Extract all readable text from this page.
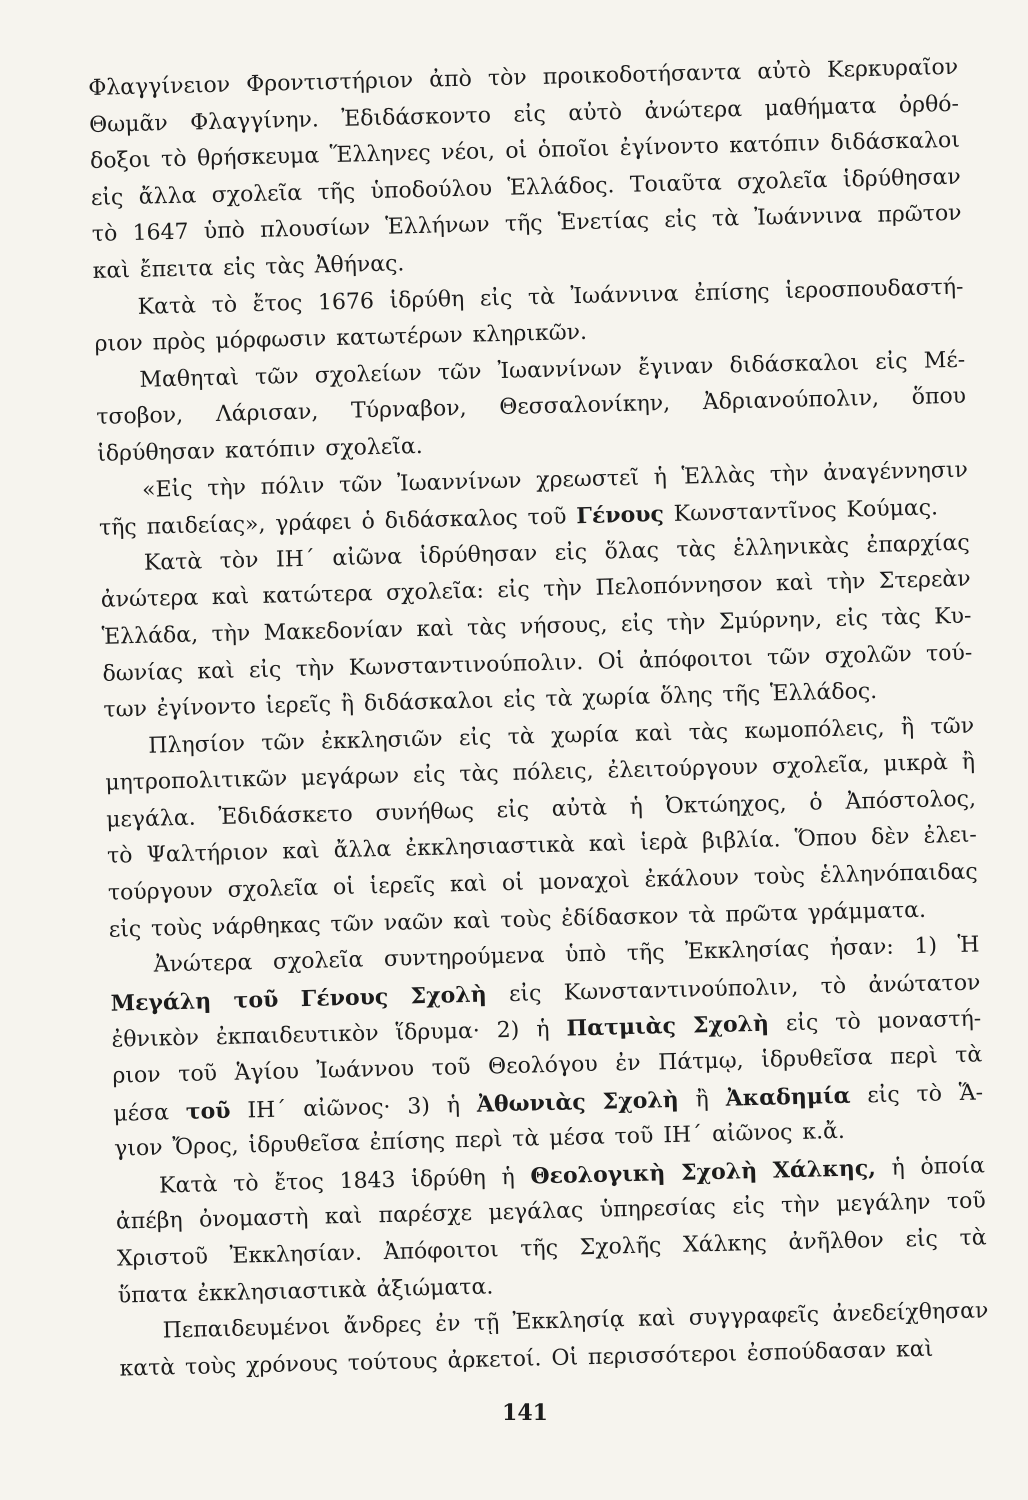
Φλαγγίνειον Φροντιστήριον ἀπὸ τὸν προικοδοτήσαντα αὐτὸ Κερκυραῖον
Θωμᾶν Φλαγγίνην. Ἐδιδάσκοντο εἰς αὐτὸ ἀνώτερα μαθήματα ὀρθό-
δοξοι τὸ θρήσκευμα Ἕλληνες νέοι, οἱ ὁποῖοι ἐγίνοντο κατόπιν διδάσκαλοι
εἰς ἄλλα σχολεῖα τῆς ὑποδούλου Ἑλλάδος. Τοιαῦτα σχολεῖα ἱδρύθησαν
τὸ 1647 ὑπὸ πλουσίων Ἑλλήνων τῆς Ἑνετίας εἰς τὰ Ἰωάννινα πρῶτον
καὶ ἔπειτα εἰς τὰς Ἀθήνας.
Κατὰ τὸ ἔτος 1676 ἱδρύθη εἰς τὰ Ἰωάννινα ἐπίσης ἱεροσπουδαστή-
ριον πρὸς μόρφωσιν κατωτέρων κληρικῶν.
Μαθηταὶ τῶν σχολείων τῶν Ἰωαννίνων ἔγιναν διδάσκαλοι εἰς Μέ-
τσοβον, Λάρισαν, Τύρναβον, Θεσσαλονίκην, Ἀδριανούπολιν, ὅπου
ἱδρύθησαν κατόπιν σχολεῖα.
«Εἰς τὴν πόλιν τῶν Ἰωαννίνων χρεωστεῖ ἡ Ἑλλὰς τὴν ἀναγέννησιν
τῆς παιδείας», γράφει ὁ διδάσκαλος τοῦ Γένους Κωνσταντῖνος Κούμας.
Κατὰ τὸν ΙΗ΄ αἰῶνα ἱδρύθησαν εἰς ὅλας τὰς ἑλληνικὰς ἐπαρχίας
ἀνώτερα καὶ κατώτερα σχολεῖα: εἰς τὴν Πελοπόννησον καὶ τὴν Στερεὰν
Ἑλλάδα, τὴν Μακεδονίαν καὶ τὰς νήσους, εἰς τὴν Σμύρνην, εἰς τὰς Κυ-
δωνίας καὶ εἰς τὴν Κωνσταντινούπολιν. Οἱ ἀπόφοιτοι τῶν σχολῶν τού-
των ἐγίνοντο ἱερεῖς ἢ διδάσκαλοι εἰς τὰ χωρία ὅλης τῆς Ἑλλάδος.
Πλησίον τῶν ἐκκλησιῶν εἰς τὰ χωρία καὶ τὰς κωμοπόλεις, ἢ τῶν
μητροπολιτικῶν μεγάρων εἰς τὰς πόλεις, ἐλειτούργουν σχολεῖα, μικρὰ ἢ
μεγάλα. Ἐδιδάσκετο συνήθως εἰς αὐτὰ ἡ Ὀκτώηχος, ὁ Ἀπόστολος,
τὸ Ψαλτήριον καὶ ἄλλα ἐκκλησιαστικὰ καὶ ἱερὰ βιβλία. Ὅπου δὲν ἐλει-
τούργουν σχολεῖα οἱ ἱερεῖς καὶ οἱ μοναχοὶ ἐκάλουν τοὺς ἑλληνόπαιδας
εἰς τοὺς νάρθηκας τῶν ναῶν καὶ τοὺς ἐδίδασκον τὰ πρῶτα γράμματα.
Ἀνώτερα σχολεῖα συντηρούμενα ὑπὸ τῆς Ἐκκλησίας ἦσαν: 1) Ἡ
Μεγάλη τοῦ Γένους Σχολὴ εἰς Κωνσταντινούπολιν, τὸ ἀνώτατον
ἐθνικὸν ἐκπαιδευτικὸν ἵδρυμα· 2) ἡ Πατμιὰς Σχολὴ εἰς τὸ μοναστή-
ριον τοῦ Ἁγίου Ἰωάννου τοῦ Θεολόγου ἐν Πάτμῳ, ἱδρυθεῖσα περὶ τὰ
μέσα τοῦ ΙΗ΄ αἰῶνος· 3) ἡ Ἀθωνιὰς Σχολὴ ἢ Ἀκαδημία εἰς τὸ Ἅ-
γιον Ὄρος, ἱδρυθεῖσα ἐπίσης περὶ τὰ μέσα τοῦ ΙΗ΄ αἰῶνος κ.ἄ.
Κατὰ τὸ ἔτος 1843 ἱδρύθη ἡ Θεολογικὴ Σχολὴ Χάλκης, ἡ ὁποία
ἀπέβη ὀνομαστὴ καὶ παρέσχε μεγάλας ὑπηρεσίας εἰς τὴν μεγάλην τοῦ
Χριστοῦ Ἐκκλησίαν. Ἀπόφοιτοι τῆς Σχολῆς Χάλκης ἀνῆλθον εἰς τὰ
ὕπατα ἐκκλησιαστικὰ ἀξιώματα.
Πεπαιδευμένοι ἄνδρες ἐν τῇ Ἐκκλησίᾳ καὶ συγγραφεῖς ἀνεδείχθησαν
κατὰ τοὺς χρόνους τούτους ἀρκετοί. Οἱ περισσότεροι ἐσπούδασαν καὶ
141
